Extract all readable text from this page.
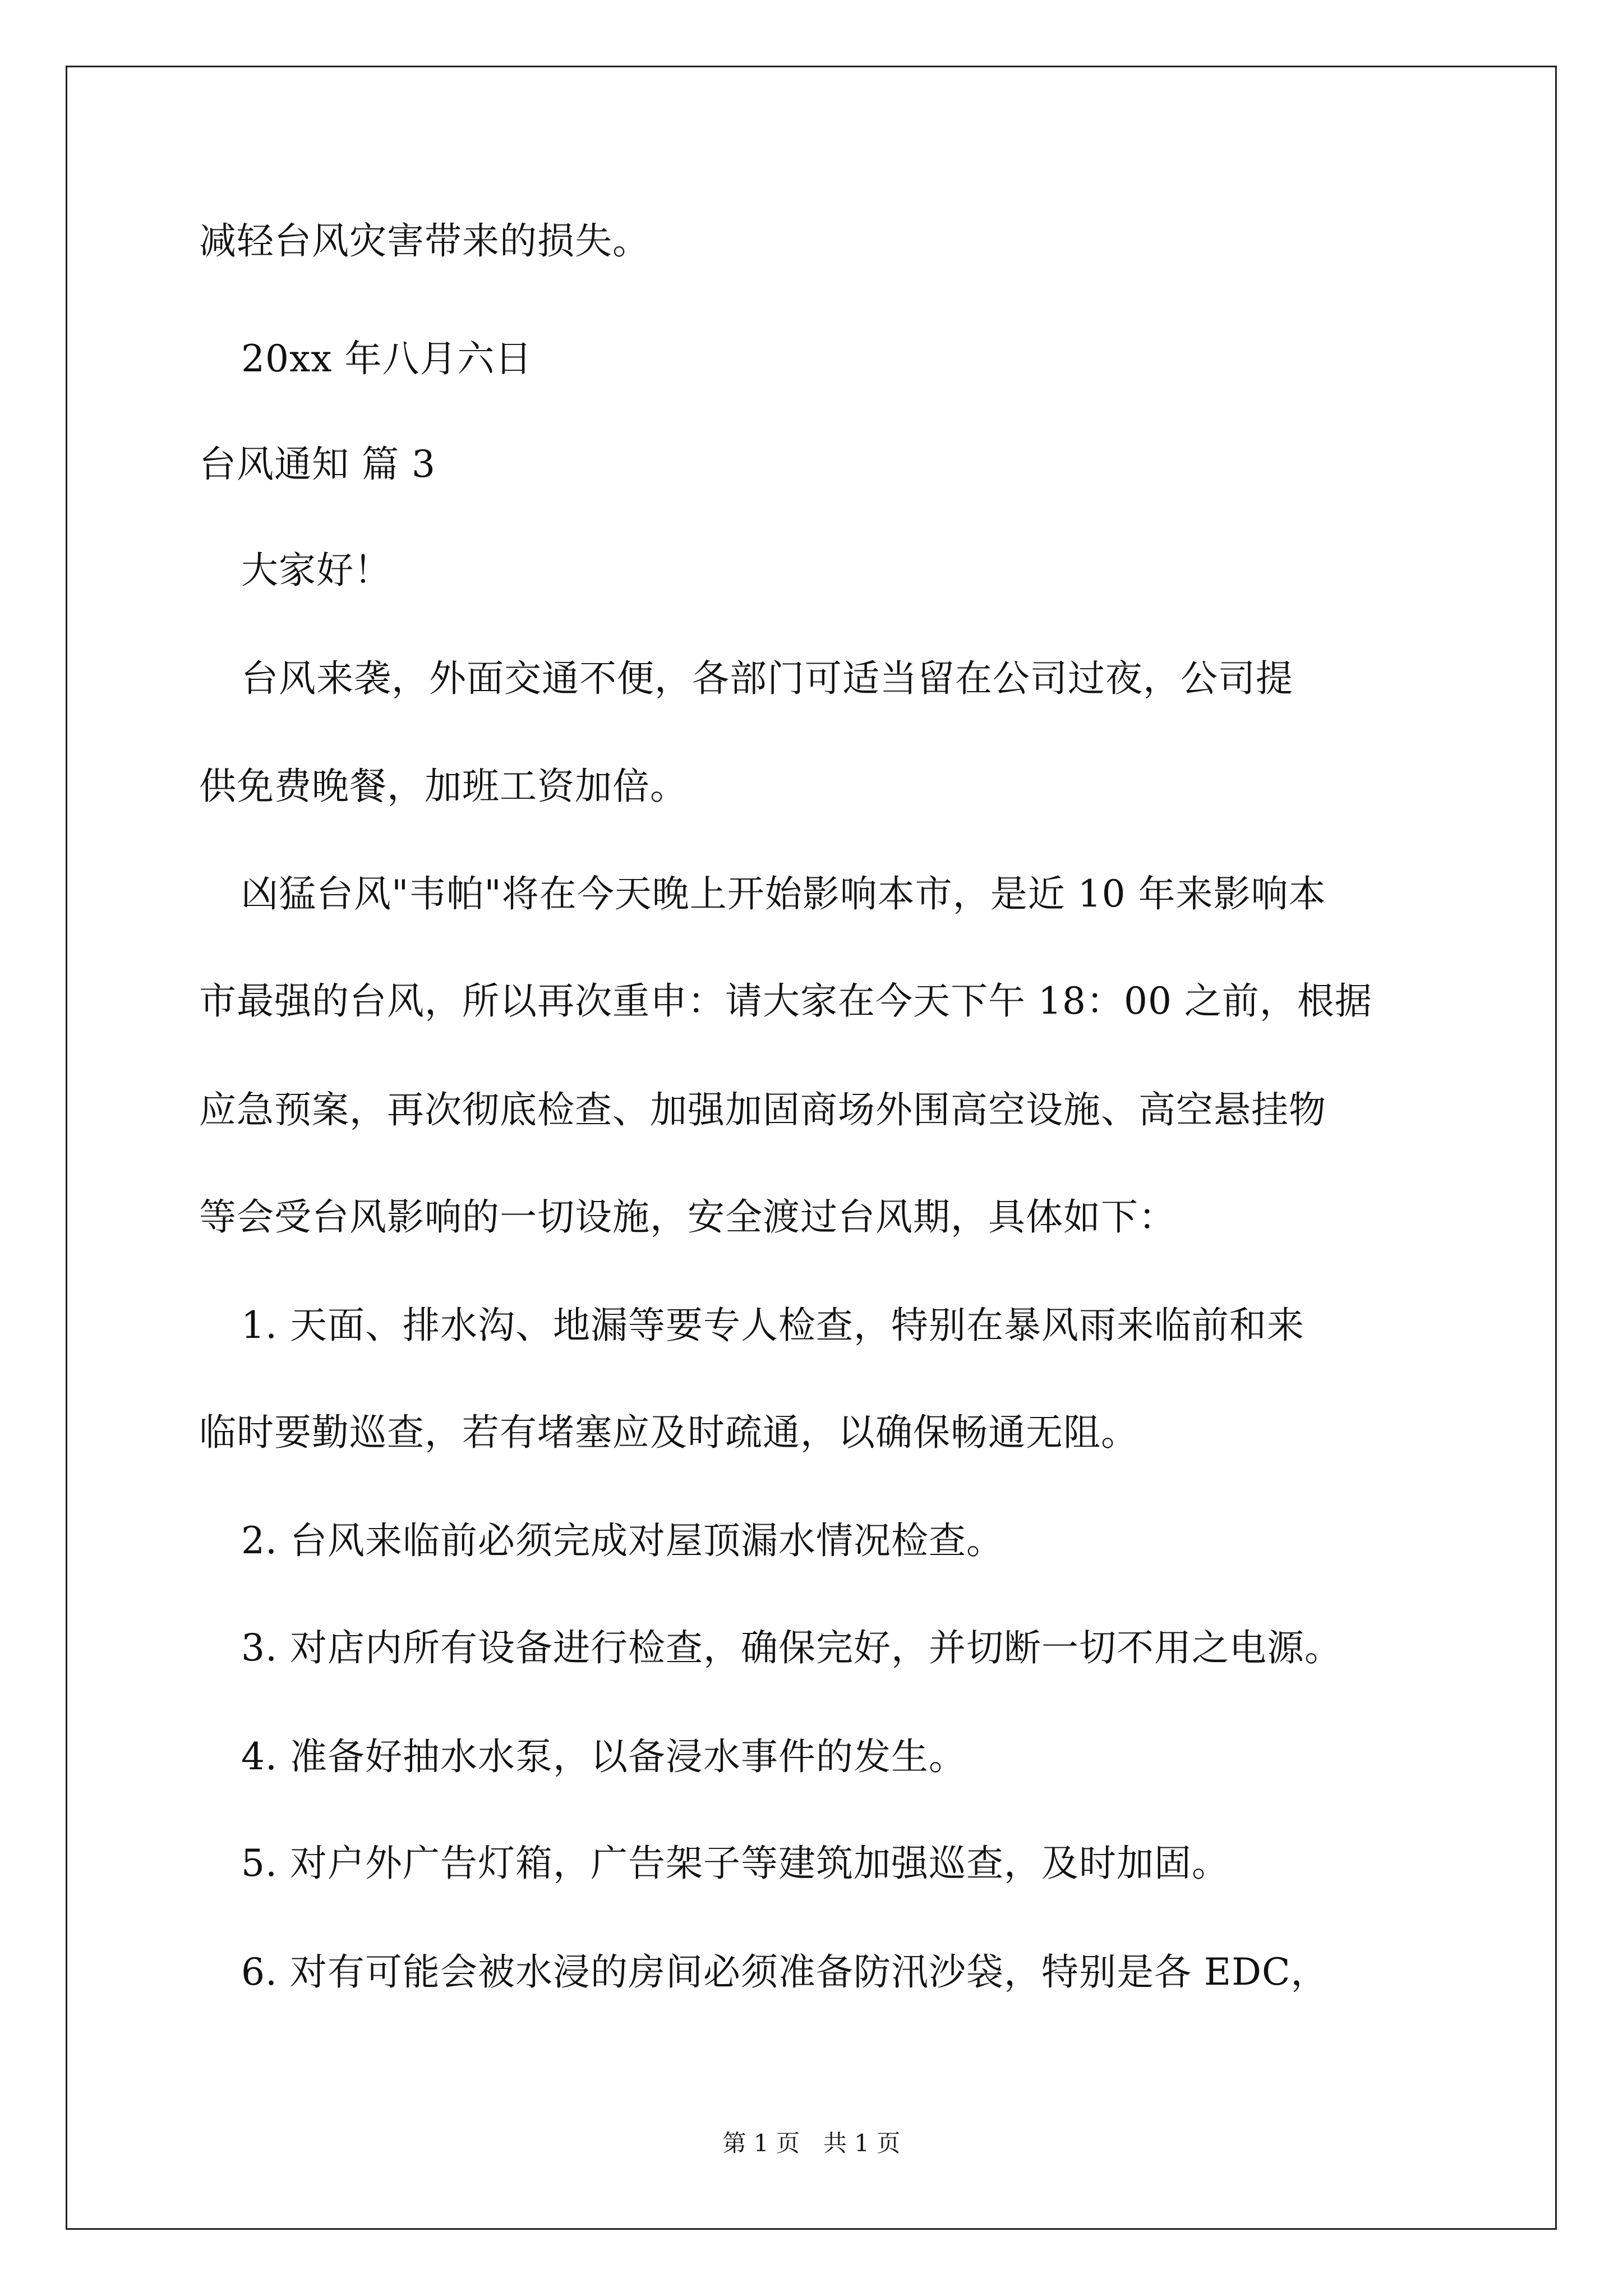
减轻台风灾害带来的损失。
20xx 年八月六日
台风通知 篇 3
大家好！
台风来袭，外面交通不便，各部门可适当留在公司过夜，公司提
供免费晚餐，加班工资加倍。
凶猛台风"韦帕"将在今天晚上开始影响本市，是近 10 年来影响本
市最强的台风，所以再次重申：请大家在今天下午 18：00 之前，根据
应急预案，再次彻底检查、加强加固商场外围高空设施、高空悬挂物
等会受台风影响的一切设施，安全渡过台风期，具体如下：
1. 天面、排水沟、地漏等要专人检查，特别在暴风雨来临前和来
临时要勤巡查，若有堵塞应及时疏通，以确保畅通无阻。
2. 台风来临前必须完成对屋顶漏水情况检查。
3. 对店内所有设备进行检查，确保完好，并切断一切不用之电源。
4. 准备好抽水水泵，以备浸水事件的发生。
5. 对户外广告灯箱，广告架子等建筑加强巡查，及时加固。
6. 对有可能会被水浸的房间必须准备防汛沙袋，特别是各 EDC，
第 1 页　共 1 页
